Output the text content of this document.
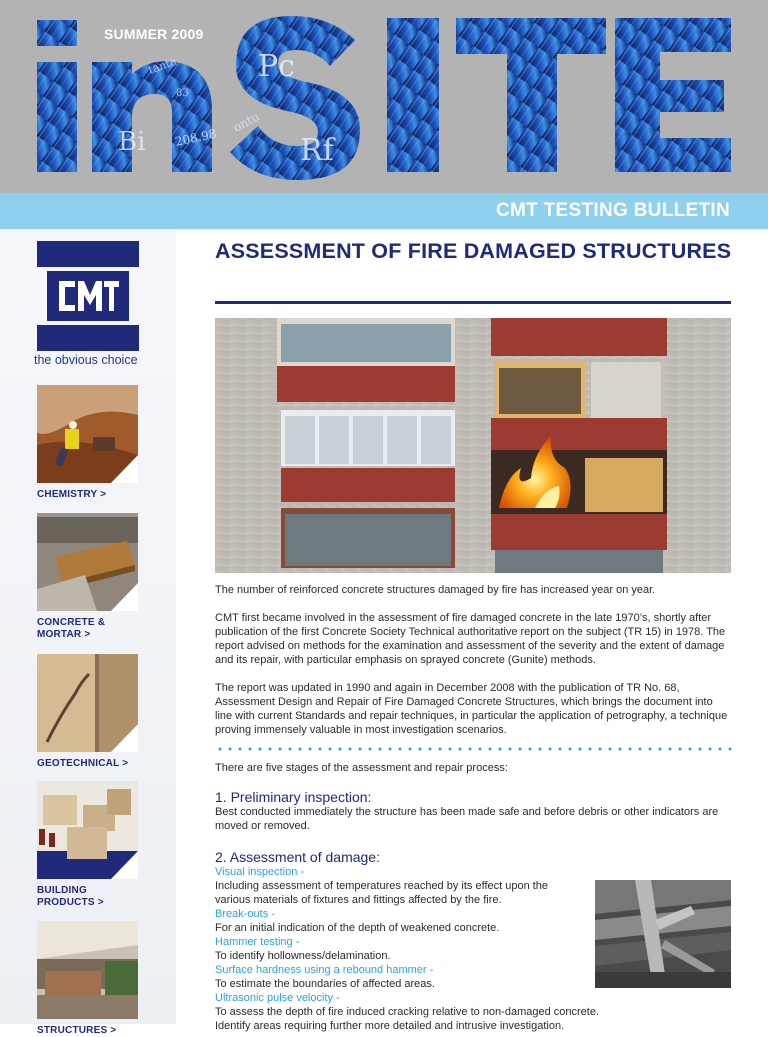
Pc
Bi	Rf
208.98
83
tanta
ontu
SUMMER 2009
CMT TESTING BULLETIN
the obvious choice
CHEMISTRY >
CONCRETE & MORTAR >
GEOTECHNICAL >
BUILDING PRODUCTS >
STRUCTURES >
ASSESSMENT OF FIRE DAMAGED STRUCTURES

The number of reinforced concrete structures damaged by fire has increased year on year.

CMT first became involved in the assessment of fire damaged concrete in the late 1970’s, shortly after publication of the first Concrete Society Technical authoritative report on the subject (TR 15) in 1978. The report advised on methods for the examination and assessment of the severity and the extent of damage and its repair, with particular emphasis on sprayed concrete (Gunite) methods.

The report was updated in 1990 and again in December 2008 with the publication of TR No. 68, Assessment Design and Repair of Fire Damaged Concrete Structures, which brings the document into line with current Standards and repair techniques, in particular the application of petrography, a technique proving immensely valuable in most investigation scenarios.

There are five stages of the assessment and repair process:

1. Preliminary inspection:

Best conducted immediately the structure has been made safe and before debris or other indicators are moved or removed.

2. Assessment of damage:

Visual inspection -

Including assessment of temperatures reached by its effect upon the various materials of fixtures and fittings affected by the fire.

Break-outs -

For an initial indication of the depth of weakened concrete.

Hammer testing -

To identify hollowness/delamination.

Surface hardness using a rebound hammer -

To estimate the boundaries of affected areas.

Ultrasonic pulse velocity -

To assess the depth of fire induced cracking relative to non-damaged concrete.

Identify areas requiring further more detailed and intrusive investigation.
